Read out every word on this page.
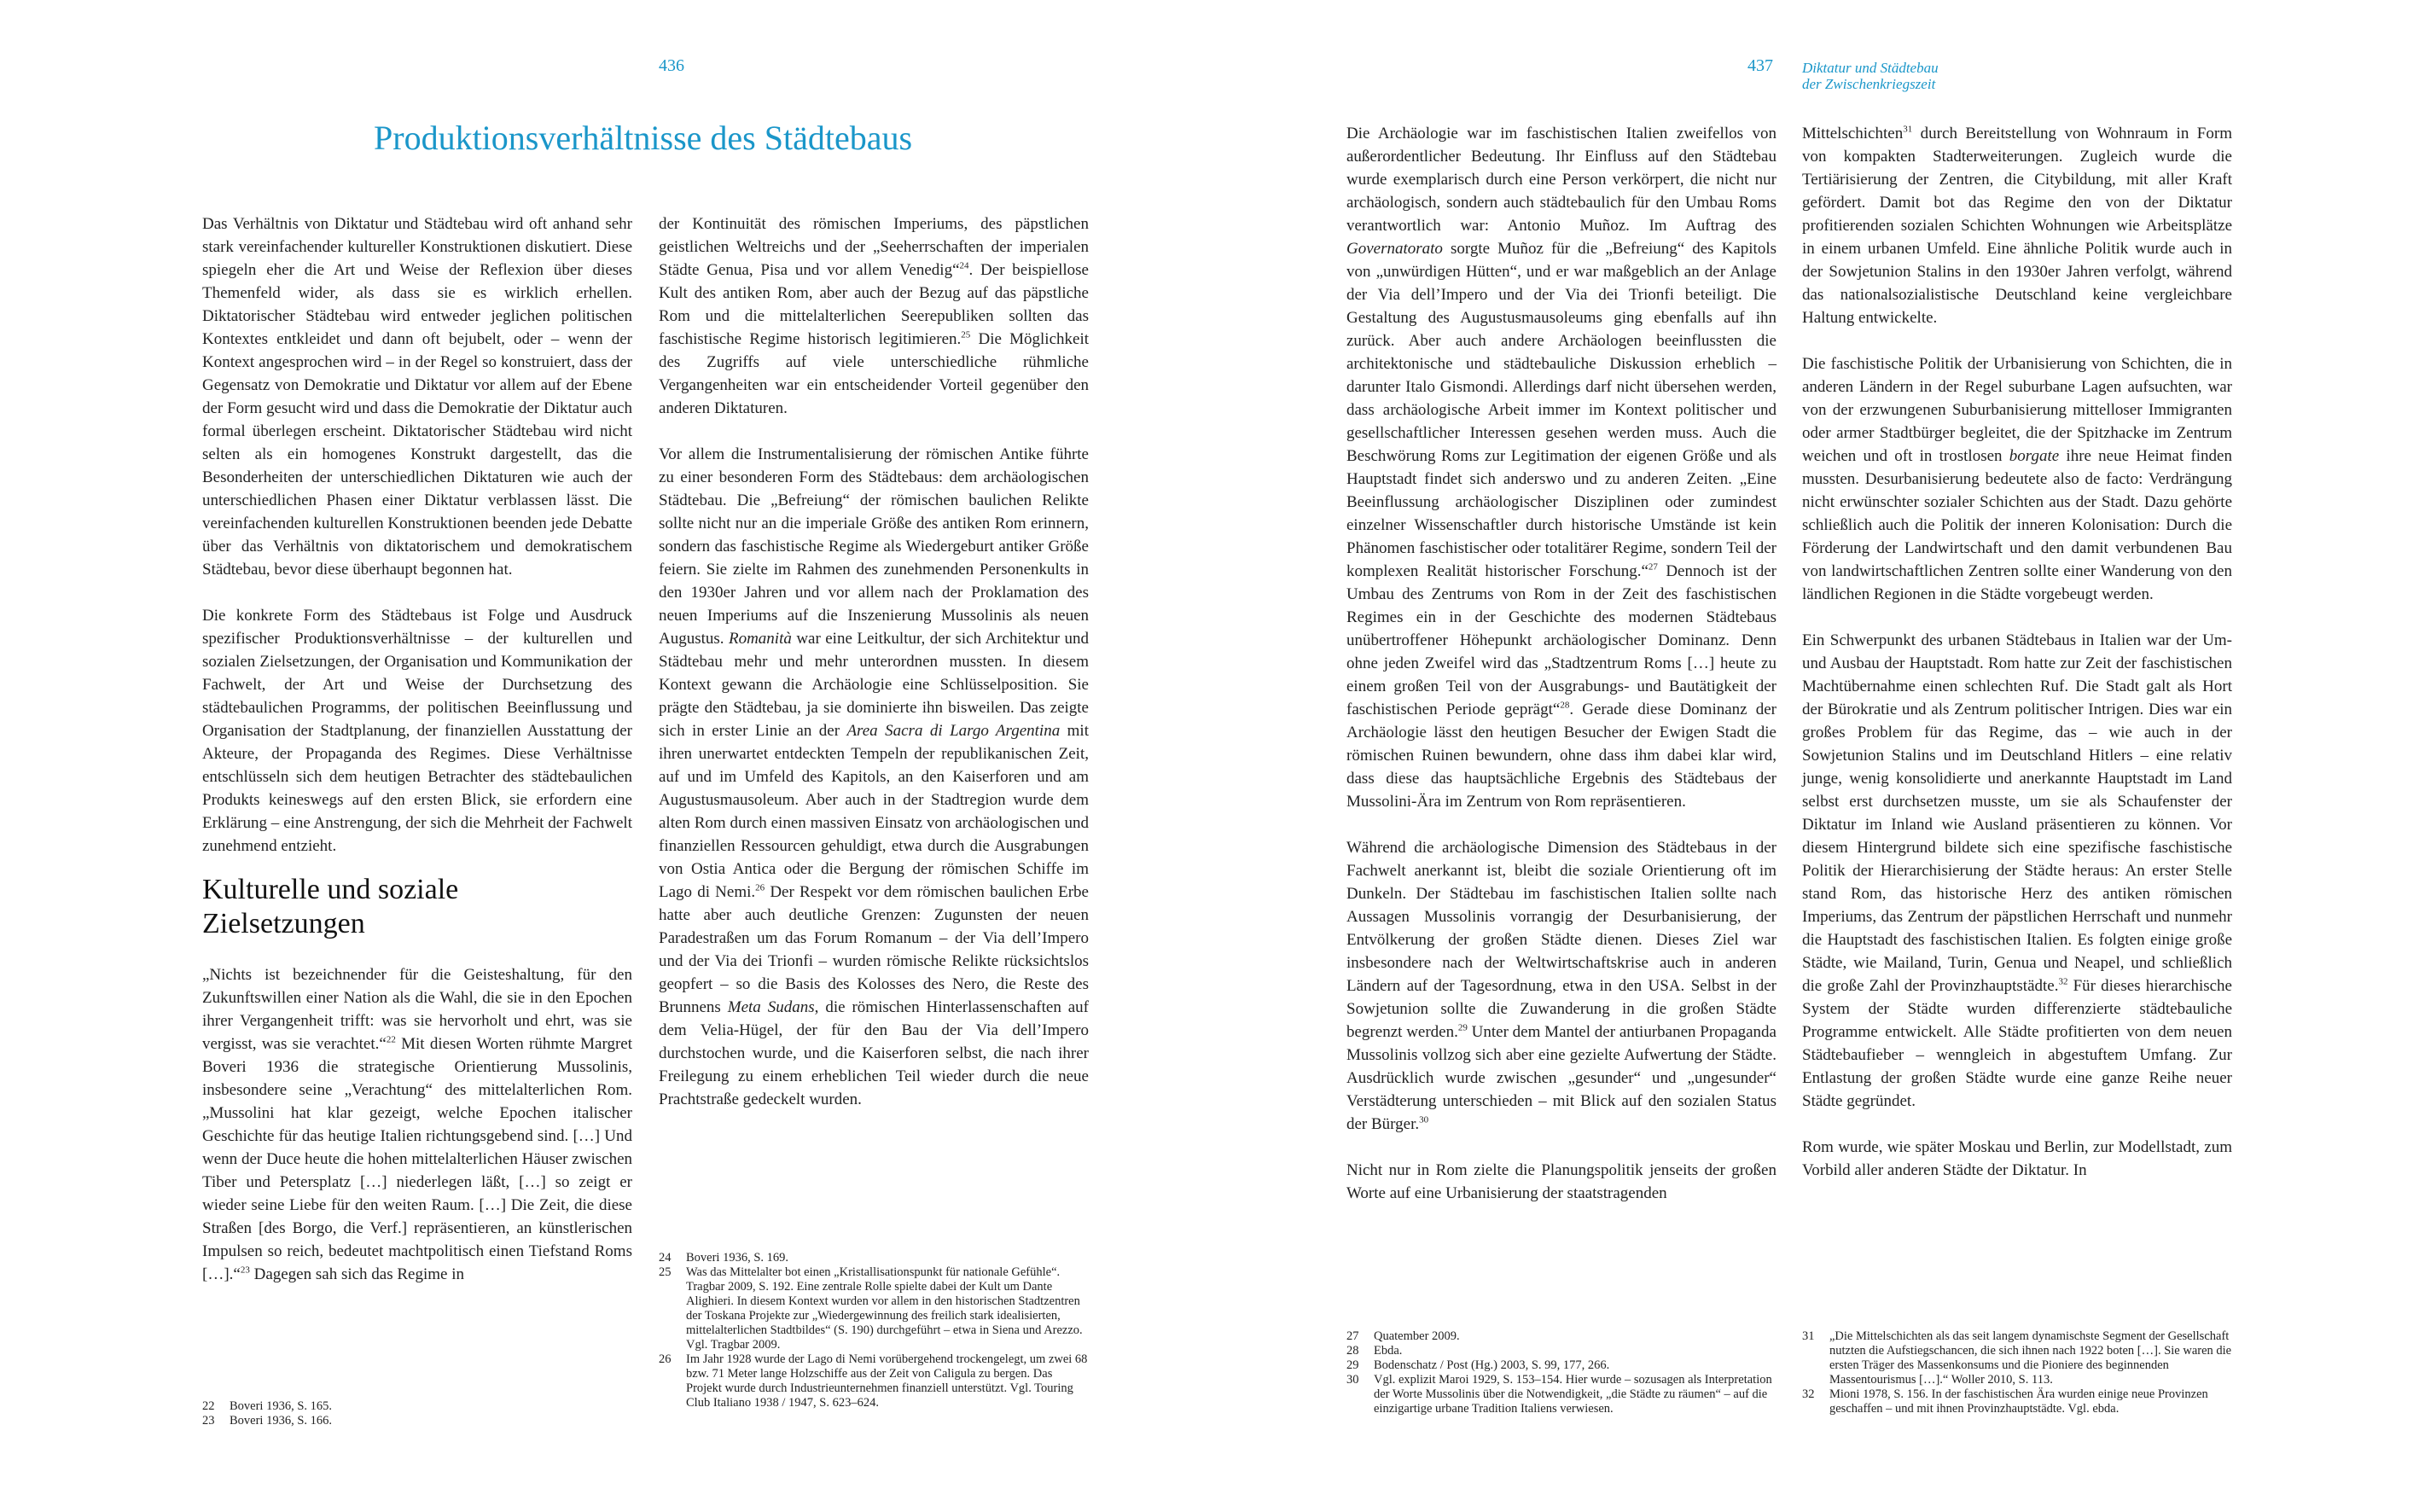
436
Produktionsverhältnisse des Städtebaus

Das Verhältnis von Diktatur und Städtebau wird oft anhand sehr stark vereinfachender kultureller Konstruktionen diskutiert. Diese spiegeln eher die Art und Weise der Reflexion über dieses Themenfeld wider, als dass sie es wirklich erhellen. Diktatorischer Städtebau wird entweder jeglichen politischen Kontextes entkleidet und dann oft bejubelt, oder – wenn der Kontext angesprochen wird – in der Regel so konstruiert, dass der Gegensatz von Demokratie und Diktatur vor allem auf der Ebene der Form gesucht wird und dass die Demokratie der Diktatur auch formal überlegen erscheint. Diktatorischer Städtebau wird nicht selten als ein homogenes Konstrukt dargestellt, das die Besonderheiten der unterschiedlichen Diktaturen wie auch der unterschiedlichen Phasen einer Diktatur verblassen lässt. Die vereinfachenden kulturellen Konstruktionen beenden jede Debatte über das Verhältnis von diktatorischem und demokratischem Städtebau, bevor diese überhaupt begonnen hat.

Die konkrete Form des Städtebaus ist Folge und Ausdruck spezifischer Produktionsverhältnisse – der kulturellen und sozialen Zielsetzungen, der Organisation und Kommunikation der Fachwelt, der Art und Weise der Durchsetzung des städtebaulichen Programms, der politischen Beeinflussung und Organisation der Stadtplanung, der finanziellen Ausstattung der Akteure, der Propaganda des Regimes. Diese Verhältnisse entschlüsseln sich dem heutigen Betrachter des städtebaulichen Produkts keineswegs auf den ersten Blick, sie erfordern eine Erklärung – eine Anstrengung, der sich die Mehrheit der Fachwelt zunehmend entzieht.

Kulturelle und soziale
Zielsetzungen

„Nichts ist bezeichnender für die Geisteshaltung, für den Zukunftswillen einer Nation als die Wahl, die sie in den Epochen ihrer Vergangenheit trifft: was sie hervorholt und ehrt, was sie vergisst, was sie verachtet.“$^{22}$ Mit diesen Worten rühmte Margret Boveri 1936 die strategische Orientierung Mussolinis, insbesondere seine „Verachtung“ des mittelalterlichen Rom. „Mussolini hat klar gezeigt, welche Epochen italischer Geschichte für das heutige Italien richtungsgebend sind. […] Und wenn der Duce heute die hohen mittelalterlichen Häuser zwischen Tiber und Petersplatz […] niederlegen läßt, […] so zeigt er wieder seine Liebe für den weiten Raum. […] Die Zeit, die diese Straßen [des Borgo, die Verf.] repräsentieren, an künstlerischen Impulsen so reich, bedeutet machtpolitisch einen Tiefstand Roms […].“$^{23}$ Dagegen sah sich das Regime in

der Kontinuität des römischen Imperiums, des päpstlichen geistlichen Weltreichs und der „Seeherrschaften der imperialen Städte Genua, Pisa und vor allem Venedig“$^{24}$. Der beispiellose Kult des antiken Rom, aber auch der Bezug auf das päpstliche Rom und die mittelalterlichen Seerepubliken sollten das faschistische Regime historisch legitimieren.$^{25}$ Die Möglichkeit des Zugriffs auf viele unterschiedliche rühmliche Vergangenheiten war ein entscheidender Vorteil gegenüber den anderen Diktaturen.

Vor allem die Instrumentalisierung der römischen Antike führte zu einer besonderen Form des Städtebaus: dem archäologischen Städtebau. Die „Befreiung“ der römischen baulichen Relikte sollte nicht nur an die imperiale Größe des antiken Rom erinnern, sondern das faschistische Regime als Wiedergeburt antiker Größe feiern. Sie zielte im Rahmen des zunehmenden Personenkults in den 1930er Jahren und vor allem nach der Proklamation des neuen Imperiums auf die Inszenierung Mussolinis als neuen Augustus. Romanità war eine Leitkultur, der sich Architektur und Städtebau mehr und mehr unterordnen mussten. In diesem Kontext gewann die Archäologie eine Schlüsselposition. Sie prägte den Städtebau, ja sie dominierte ihn bisweilen. Das zeigte sich in erster Linie an der Area Sacra di Largo Argentina mit ihren unerwartet entdeckten Tempeln der republikanischen Zeit, auf und im Umfeld des Kapitols, an den Kaiserforen und am Augustusmausoleum. Aber auch in der Stadtregion wurde dem alten Rom durch einen massiven Einsatz von archäologischen und finanziellen Ressourcen gehuldigt, etwa durch die Ausgrabungen von Ostia Antica oder die Bergung der römischen Schiffe im Lago di Nemi.$^{26}$ Der Respekt vor dem römischen baulichen Erbe hatte aber auch deutliche Grenzen: Zugunsten der neuen Paradestraßen um das Forum Romanum – der Via dell’Impero und der Via dei Trionfi – wurden römische Relikte rücksichtslos geopfert – so die Basis des Kolosses des Nero, die Reste des Brunnens Meta Sudans, die römischen Hinterlassenschaften auf dem Velia-Hügel, der für den Bau der Via dell’Impero durchstochen wurde, und die Kaiserforen selbst, die nach ihrer Freilegung zu einem erheblichen Teil wieder durch die neue Prachtstraße gedeckelt wurden.

22	Boveri 1936, S. 165.
23	Boveri 1936, S. 166.
24	Boveri 1936, S. 169.
25	Was das Mittelalter bot einen „Kristallisationspunkt für nationale Gefühle“. Tragbar 2009, S. 192. Eine zentrale Rolle spielte dabei der Kult um Dante Alighieri. In diesem Kontext wurden vor allem in den historischen Stadtzentren der Toskana Projekte zur „Wiedergewinnung des freilich stark idealisierten, mittelalterlichen Stadtbildes“ (S. 190) durchgeführt – etwa in Siena und Arezzo. Vgl. Tragbar 2009.
26	Im Jahr 1928 wurde der Lago di Nemi vorübergehend trockengelegt, um zwei 68 bzw. 71 Meter lange Holzschiffe aus der Zeit von Caligula zu bergen. Das Projekt wurde durch Industrieunternehmen finanziell unterstützt. Vgl. Touring Club Italiano 1938 / 1947, S. 623–624.
437 Diktatur und Städtebau
der Zwischenkriegszeit

Die Archäologie war im faschistischen Italien zweifellos von außerordentlicher Bedeutung. Ihr Einfluss auf den Städtebau wurde exemplarisch durch eine Person verkörpert, die nicht nur archäologisch, sondern auch städtebaulich für den Umbau Roms verantwortlich war: Antonio Muñoz. Im Auftrag des Governatorato sorgte Muñoz für die „Befreiung“ des Kapitols von „unwürdigen Hütten“, und er war maßgeblich an der Anlage der Via dell’Impero und der Via dei Trionfi beteiligt. Die Gestaltung des Augustusmausoleums ging ebenfalls auf ihn zurück. Aber auch andere Archäologen beeinflussten die architektonische und städtebauliche Diskussion erheblich – darunter Italo Gismondi. Allerdings darf nicht übersehen werden, dass archäologische Arbeit immer im Kontext politischer und gesellschaftlicher Interessen gesehen werden muss. Auch die Beschwörung Roms zur Legitimation der eigenen Größe und als Hauptstadt findet sich anderswo und zu anderen Zeiten. „Eine Beeinflussung archäologischer Disziplinen oder zumindest einzelner Wissenschaftler durch historische Umstände ist kein Phänomen faschistischer oder totalitärer Regime, sondern Teil der komplexen Realität historischer Forschung.“$^{27}$ Dennoch ist der Umbau des Zentrums von Rom in der Zeit des faschistischen Regimes ein in der Geschichte des modernen Städtebaus unübertroffener Höhepunkt archäologischer Dominanz. Denn ohne jeden Zweifel wird das „Stadtzentrum Roms […] heute zu einem großen Teil von der Ausgrabungs- und Bautätigkeit der faschistischen Periode geprägt“$^{28}$. Gerade diese Dominanz der Archäologie lässt den heutigen Besucher der Ewigen Stadt die römischen Ruinen bewundern, ohne dass ihm dabei klar wird, dass diese das hauptsächliche Ergebnis des Städtebaus der Mussolini-Ära im Zentrum von Rom repräsentieren.

Während die archäologische Dimension des Städtebaus in der Fachwelt anerkannt ist, bleibt die soziale Orientierung oft im Dunkeln. Der Städtebau im faschistischen Italien sollte nach Aussagen Mussolinis vorrangig der Desurbanisierung, der Entvölkerung der großen Städte dienen. Dieses Ziel war insbesondere nach der Weltwirtschaftskrise auch in anderen Ländern auf der Tagesordnung, etwa in den USA. Selbst in der Sowjetunion sollte die Zuwanderung in die großen Städte begrenzt werden.$^{29}$ Unter dem Mantel der antiurbanen Propaganda Mussolinis vollzog sich aber eine gezielte Aufwertung der Städte. Ausdrücklich wurde zwischen „gesunder“ und „ungesunder“ Verstädterung unterschieden – mit Blick auf den sozialen Status der Bürger.$^{30}$

Nicht nur in Rom zielte die Planungspolitik jenseits der großen Worte auf eine Urbanisierung der staatstragenden

Mittelschichten$^{31}$ durch Bereitstellung von Wohnraum in Form von kompakten Stadterweiterungen. Zugleich wurde die Tertiärisierung der Zentren, die Citybildung, mit aller Kraft gefördert. Damit bot das Regime den von der Diktatur profitierenden sozialen Schichten Wohnungen wie Arbeitsplätze in einem urbanen Umfeld. Eine ähnliche Politik wurde auch in der Sowjetunion Stalins in den 1930er Jahren verfolgt, während das nationalsozialistische Deutschland keine vergleichbare Haltung entwickelte.

Die faschistische Politik der Urbanisierung von Schichten, die in anderen Ländern in der Regel suburbane Lagen aufsuchten, war von der erzwungenen Suburbanisierung mittelloser Immigranten oder armer Stadtbürger begleitet, die der Spitzhacke im Zentrum weichen und oft in trostlosen borgate ihre neue Heimat finden mussten. Desurbanisierung bedeutete also de facto: Verdrängung nicht erwünschter sozialer Schichten aus der Stadt. Dazu gehörte schließlich auch die Politik der inneren Kolonisation: Durch die Förderung der Landwirtschaft und den damit verbundenen Bau von landwirtschaftlichen Zentren sollte einer Wanderung von den ländlichen Regionen in die Städte vorgebeugt werden.

Ein Schwerpunkt des urbanen Städtebaus in Italien war der Um- und Ausbau der Hauptstadt. Rom hatte zur Zeit der faschistischen Machtübernahme einen schlechten Ruf. Die Stadt galt als Hort der Bürokratie und als Zentrum politischer Intrigen. Dies war ein großes Problem für das Regime, das – wie auch in der Sowjetunion Stalins und im Deutschland Hitlers – eine relativ junge, wenig konsolidierte und anerkannte Hauptstadt im Land selbst erst durchsetzen musste, um sie als Schaufenster der Diktatur im Inland wie Ausland präsentieren zu können. Vor diesem Hintergrund bildete sich eine spezifische faschistische Politik der Hierarchisierung der Städte heraus: An erster Stelle stand Rom, das historische Herz des antiken römischen Imperiums, das Zentrum der päpstlichen Herrschaft und nunmehr die Hauptstadt des faschistischen Italien. Es folgten einige große Städte, wie Mailand, Turin, Genua und Neapel, und schließlich die große Zahl der Provinzhauptstädte.$^{32}$ Für dieses hierarchische System der Städte wurden differenzierte städtebauliche Programme entwickelt. Alle Städte profitierten von dem neuen Städtebaufieber – wenngleich in abgestuftem Umfang. Zur Entlastung der großen Städte wurde eine ganze Reihe neuer Städte gegründet.

Rom wurde, wie später Moskau und Berlin, zur Modellstadt, zum Vorbild aller anderen Städte der Diktatur. In

27	Quatember 2009.
28	Ebda.
29	Bodenschatz / Post (Hg.) 2003, S. 99, 177, 266.
30	Vgl. explizit Maroi 1929, S. 153–154. Hier wurde – sozusagen als Interpretation der Worte Mussolinis über die Notwendigkeit, „die Städte zu räumen“ – auf die einzigartige urbane Tradition Italiens verwiesen.
31	„Die Mittelschichten als das seit langem dynamischste Segment der Gesellschaft nutzten die Aufstiegschancen, die sich ihnen nach 1922 boten […]. Sie waren die ersten Träger des Massenkonsums und die Pioniere des beginnenden Massentourismus […].“ Woller 2010, S. 113.
32	Mioni 1978, S. 156. In der faschistischen Ära wurden einige neue Provinzen geschaffen – und mit ihnen Provinzhauptstädte. Vgl. ebda.
